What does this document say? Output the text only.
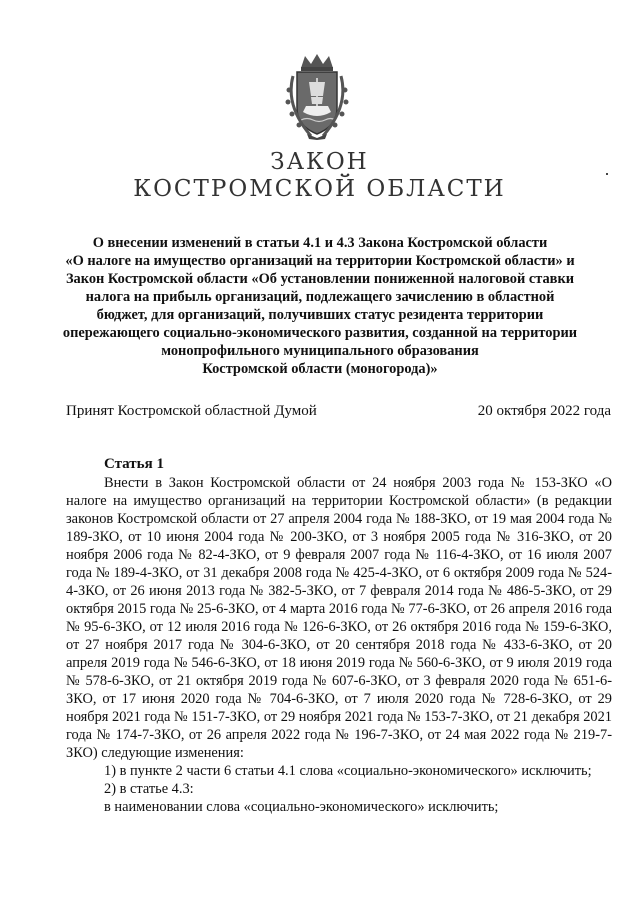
ЗАКОН
КОСТРОМСКОЙ ОБЛАСТИ
О внесении изменений в статьи 4.1 и 4.3 Закона Костромской области
«О налоге на имущество организаций на территории Костромской области» и
Закон Костромской области «Об установлении пониженной налоговой ставки
налога на прибыль организаций, подлежащего зачислению в областной
бюджет, для организаций, получивших статус резидента территории
опережающего социально-экономического развития, созданной на территории
монопрофильного муниципального образования
Костромской области (моногорода)»
Принят Костромской областной Думой	20 октября 2022 года
Статья 1
Внести в Закон Костромской области от 24 ноября 2003 года № 153-ЗКО «О налоге на имущество организаций на территории Костромской области» (в редакции законов Костромской области от 27 апреля 2004 года № 188-ЗКО, от 19 мая 2004 года № 189-ЗКО, от 10 июня 2004 года № 200-ЗКО, от 3 ноября 2005 года № 316-ЗКО, от 20 ноября 2006 года № 82-4-ЗКО, от 9 февраля 2007 года № 116-4-ЗКО, от 16 июля 2007 года № 189-4-ЗКО, от 31 декабря 2008 года № 425-4-ЗКО, от 6 октября 2009 года № 524-4-ЗКО, от 26 июня 2013 года № 382-5-ЗКО, от 7 февраля 2014 года № 486-5-ЗКО, от 29 октября 2015 года № 25-6-ЗКО, от 4 марта 2016 года № 77-6-ЗКО, от 26 апреля 2016 года № 95-6-ЗКО, от 12 июля 2016 года № 126-6-ЗКО, от 26 октября 2016 года № 159-6-ЗКО, от 27 ноября 2017 года № 304-6-ЗКО, от 20 сентября 2018 года № 433-6-ЗКО, от 20 апреля 2019 года № 546-6-ЗКО, от 18 июня 2019 года № 560-6-ЗКО, от 9 июля 2019 года № 578-6-ЗКО, от 21 октября 2019 года № 607-6-ЗКО, от 3 февраля 2020 года № 651-6-ЗКО, от 17 июня 2020 года № 704-6-ЗКО, от 7 июля 2020 года № 728-6-ЗКО, от 29 ноября 2021 года № 151-7-ЗКО, от 29 ноября 2021 года № 153-7-ЗКО, от 21 декабря 2021 года № 174-7-ЗКО, от 26 апреля 2022 года № 196-7-ЗКО, от 24 мая 2022 года № 219-7-ЗКО) следующие изменения:
1) в пункте 2 части 6 статьи 4.1 слова «социально-экономического» исключить;
2) в статье 4.3:
в наименовании слова «социально-экономического» исключить;
